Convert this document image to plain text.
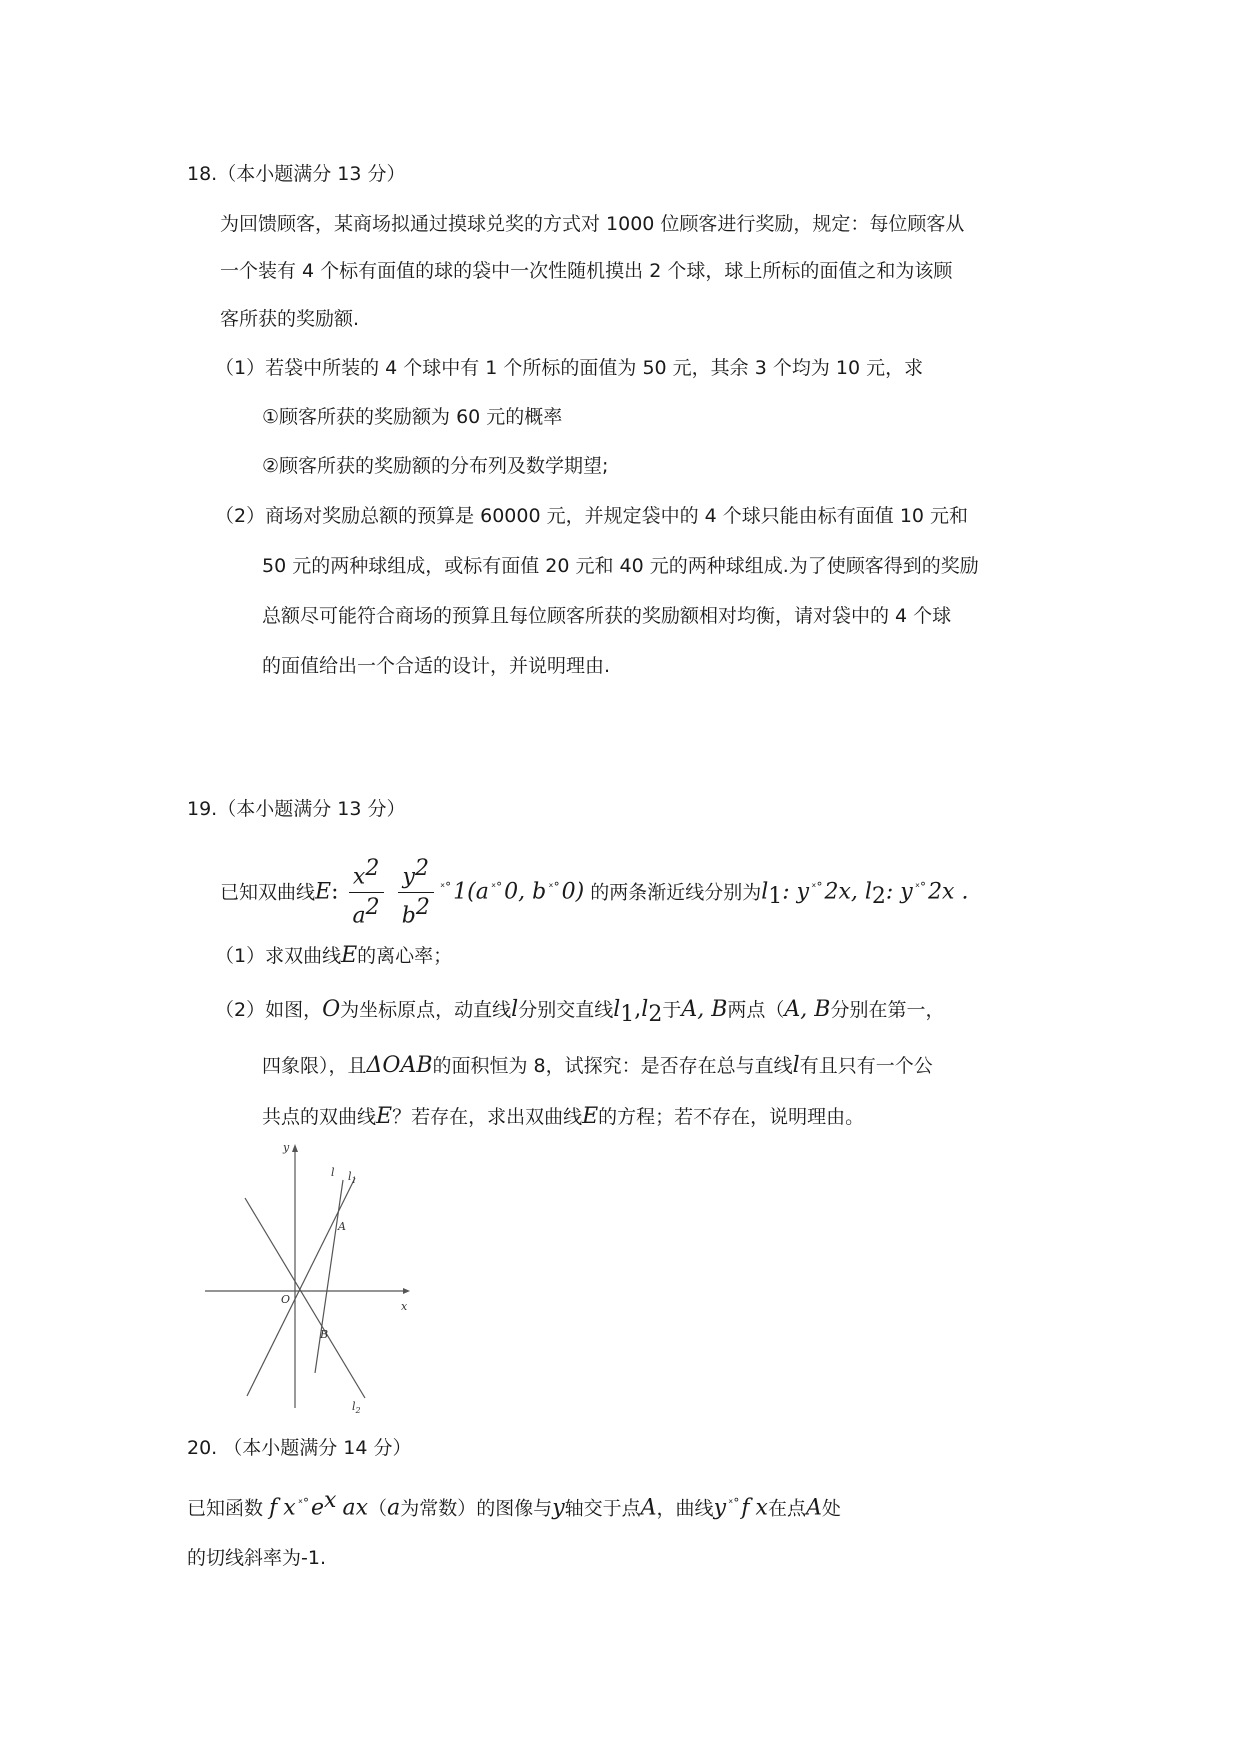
18.（本小题满分 13 分）
为回馈顾客，某商场拟通过摸球兑奖的方式对 1000 位顾客进行奖励，规定：每位顾客从
一个装有 4 个标有面值的球的袋中一次性随机摸出 2 个球，球上所标的面值之和为该顾
客所获的奖励额.
（1）若袋中所装的 4 个球中有 1 个所标的面值为 50 元，其余 3 个均为 10 元，求
①顾客所获的奖励额为 60 元的概率
②顾客所获的奖励额的分布列及数学期望;
（2）商场对奖励总额的预算是 60000 元，并规定袋中的 4 个球只能由标有面值 10 元和
50 元的两种球组成，或标有面值 20 元和 40 元的两种球组成.为了使顾客得到的奖励
总额尽可能符合商场的预算且每位顾客所获的奖励额相对均衡，请对袋中的 4 个球
的面值给出一个合适的设计，并说明理由.
19.（本小题满分 13 分）
已知双曲线E: $\frac{x^2}{a^2}$
$\frac{y^2}{b^2} ^{ˣ^\circ}1(a$ $^{ˣ^\circ}$0, b $^{ˣ^\circ}$0) 的两条渐近线分别为$l_1$: y $^{ˣ^\circ}$2x, $l_2$: y $^{ˣ^\circ}$2x .
（1）求双曲线E的离心率；
（2）如图，O为坐标原点，动直线l分别交直线$l_1,l_2$于A, B两点（A, B分别在第一，
四象限），且ΔOAB的面积恒为 8，试探究：是否存在总与直线l有且只有一个公
共点的双曲线E？若存在，求出双曲线E的方程；若不存在，说明理由。
y
x
O
A
B
l $l_1$
$l_2$
20. （本小题满分 14 分）
已知函数 f x $^{ˣ^\circ}e^x$ ax（a为常数）的图像与y轴交于点A，曲线y $^{ˣ^\circ}$f x在点A处
的切线斜率为-1.
